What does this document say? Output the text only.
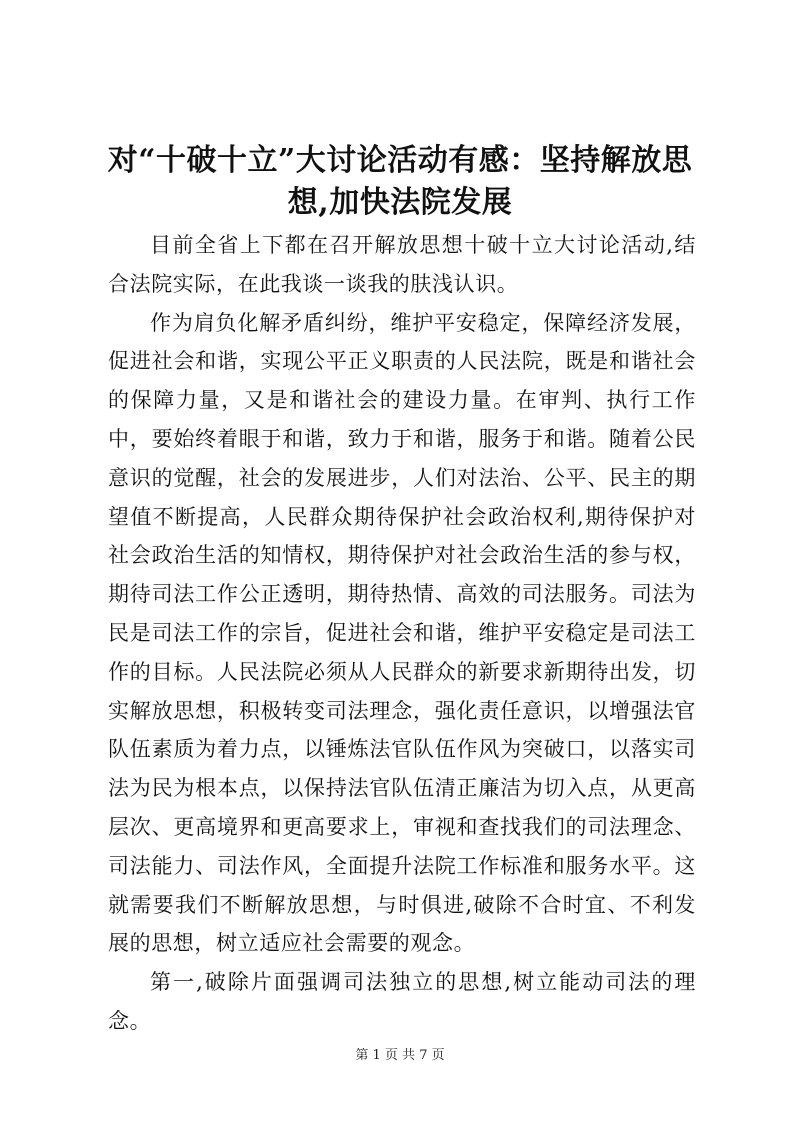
对“十破十立”大讨论活动有感：坚持解放思想,加快法院发展

目前全省上下都在召开解放思想十破十立大讨论活动,结合法院实际，在此我谈一谈我的肤浅认识。

作为肩负化解矛盾纠纷，维护平安稳定，保障经济发展，促进社会和谐，实现公平正义职责的人民法院，既是和谐社会的保障力量，又是和谐社会的建设力量。在审判、执行工作中，要始终着眼于和谐，致力于和谐，服务于和谐。随着公民意识的觉醒，社会的发展进步，人们对法治、公平、民主的期望值不断提高，人民群众期待保护社会政治权利,期待保护对社会政治生活的知情权，期待保护对社会政治生活的参与权，期待司法工作公正透明，期待热情、高效的司法服务。司法为民是司法工作的宗旨，促进社会和谐，维护平安稳定是司法工作的目标。人民法院必须从人民群众的新要求新期待出发，切实解放思想，积极转变司法理念，强化责任意识，以增强法官队伍素质为着力点，以锤炼法官队伍作风为突破口，以落实司法为民为根本点，以保持法官队伍清正廉洁为切入点，从更高层次、更高境界和更高要求上，审视和查找我们的司法理念、司法能力、司法作风，全面提升法院工作标准和服务水平。这就需要我们不断解放思想，与时俱进,破除不合时宜、不利发展的思想，树立适应社会需要的观念。

第一,破除片面强调司法独立的思想,树立能动司法的理念。

第 1 页 共 7 页
